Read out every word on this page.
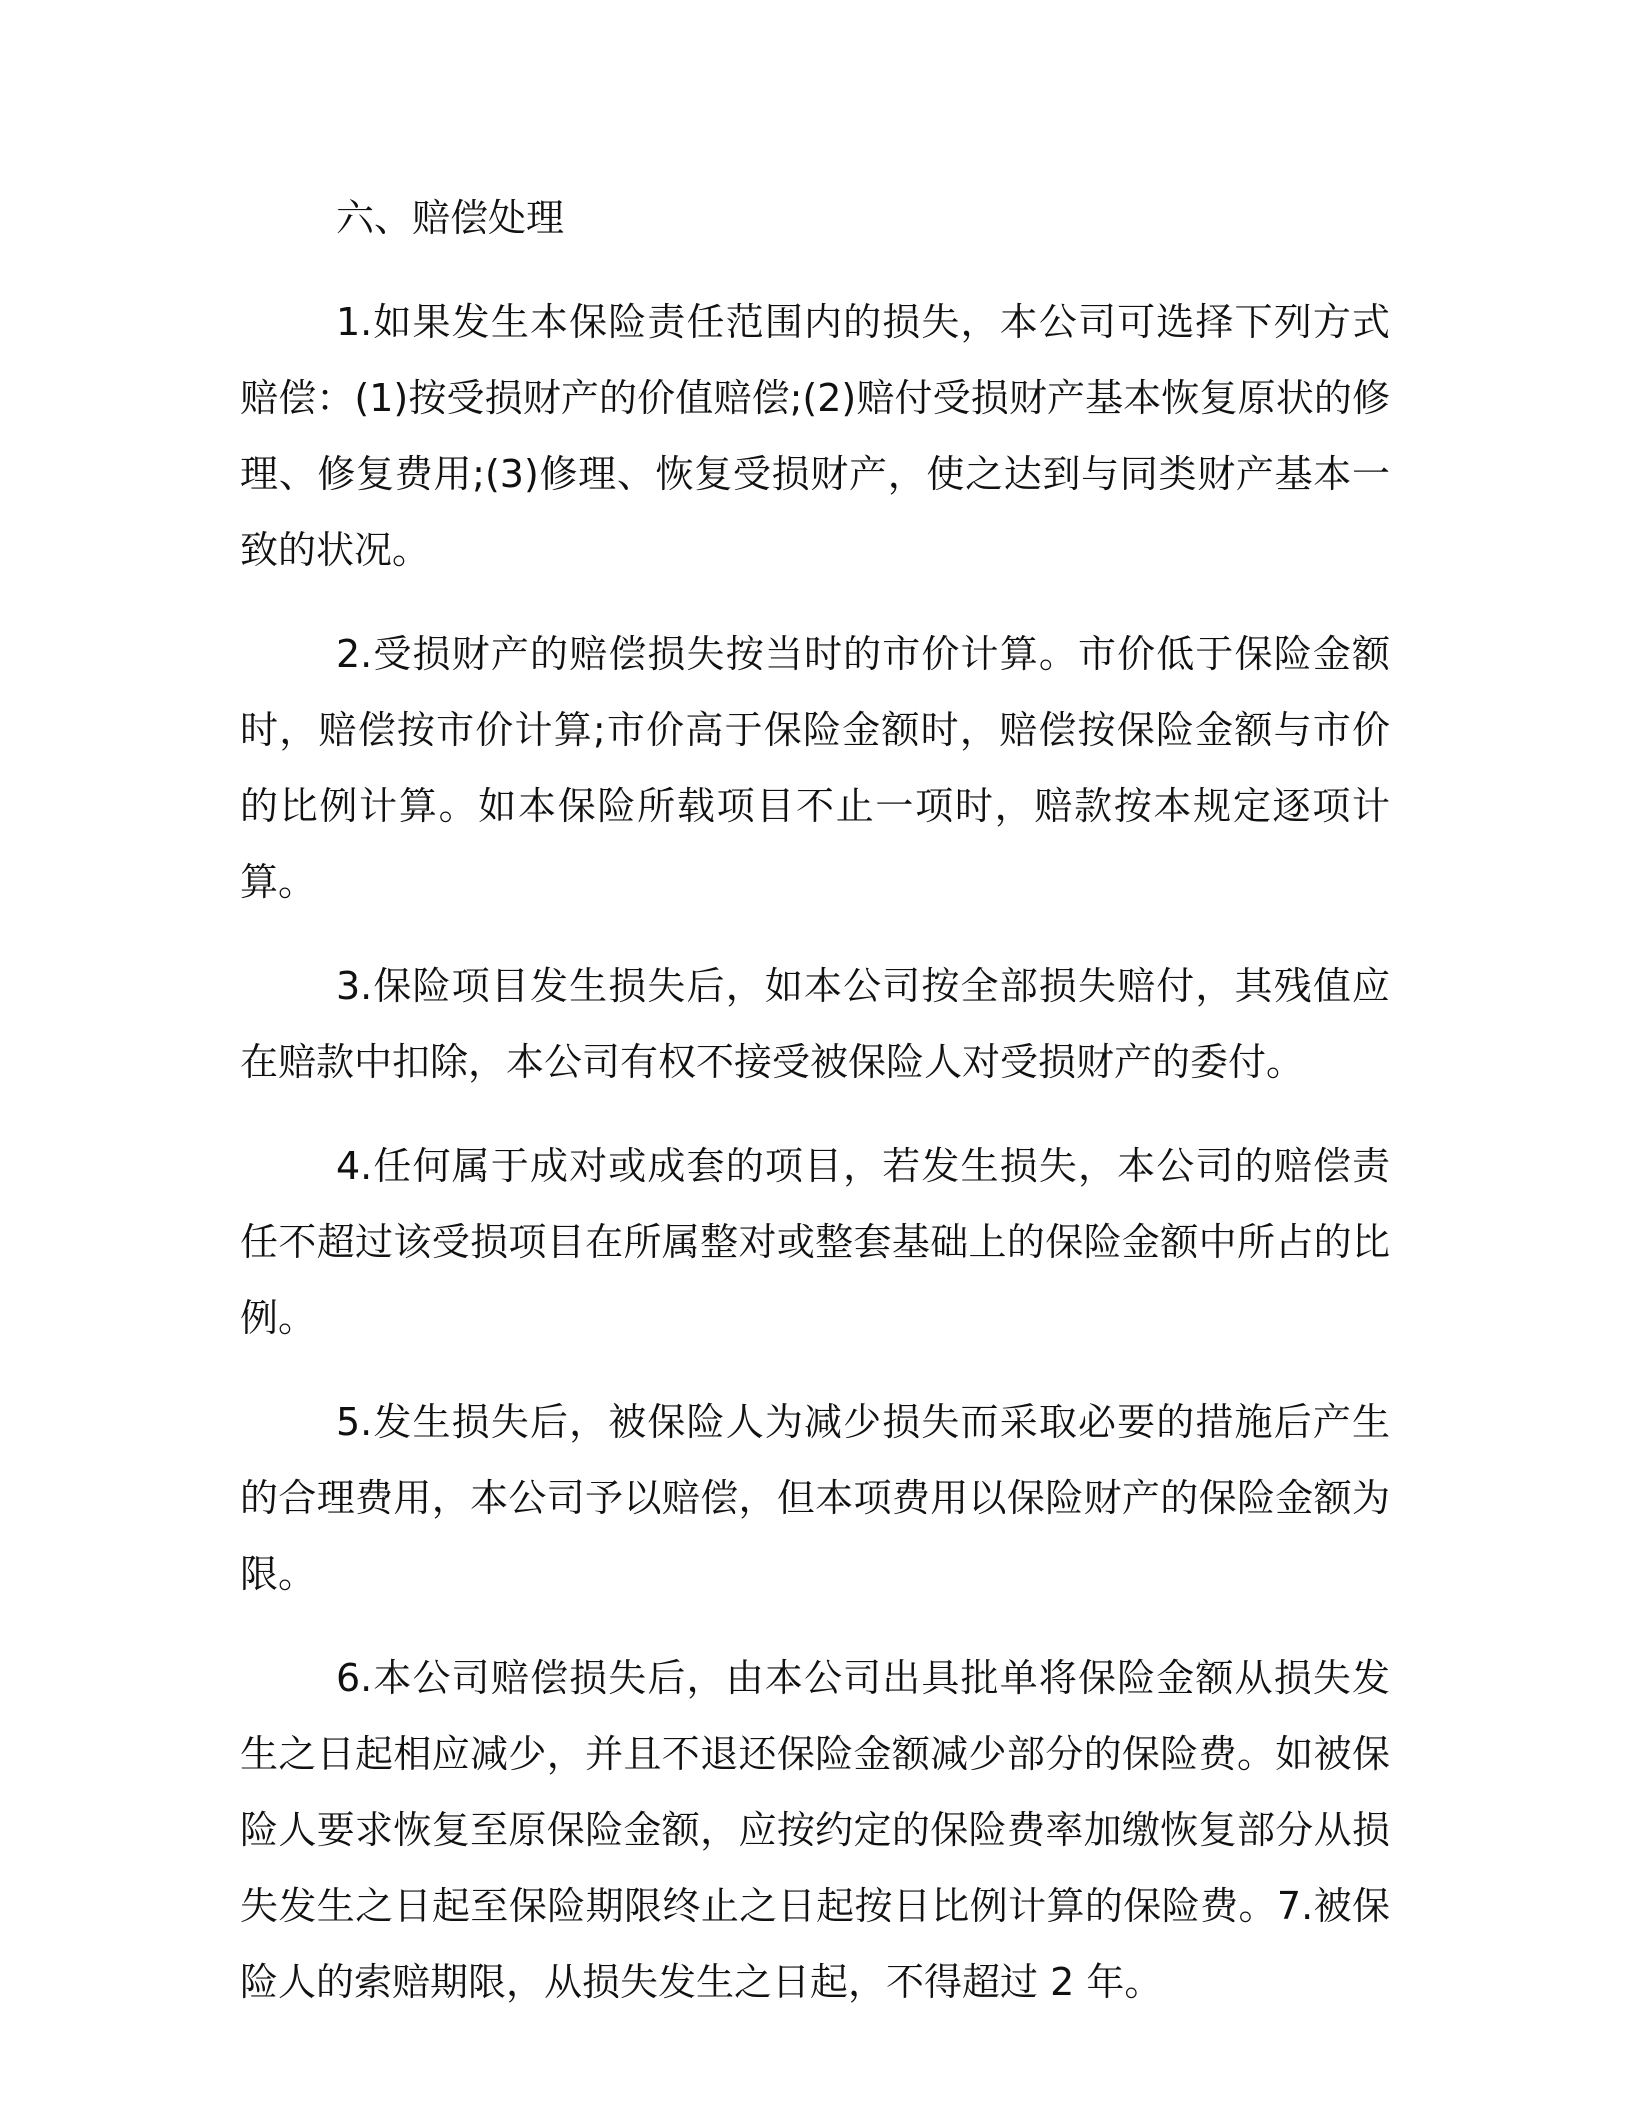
六、赔偿处理

1.如果发生本保险责任范围内的损失，本公司可选择下列方式赔偿：(1)按受损财产的价值赔偿;(2)赔付受损财产基本恢复原状的修理、修复费用;(3)修理、恢复受损财产，使之达到与同类财产基本一致的状况。

2.受损财产的赔偿损失按当时的市价计算。市价低于保险金额时，赔偿按市价计算;市价高于保险金额时，赔偿按保险金额与市价的比例计算。如本保险所载项目不止一项时，赔款按本规定逐项计算。

3.保险项目发生损失后，如本公司按全部损失赔付，其残值应在赔款中扣除，本公司有权不接受被保险人对受损财产的委付。

4.任何属于成对或成套的项目，若发生损失，本公司的赔偿责任不超过该受损项目在所属整对或整套基础上的保险金额中所占的比例。

5.发生损失后，被保险人为减少损失而采取必要的措施后产生的合理费用，本公司予以赔偿，但本项费用以保险财产的保险金额为限。

6.本公司赔偿损失后，由本公司出具批单将保险金额从损失发生之日起相应减少，并且不退还保险金额减少部分的保险费。如被保险人要求恢复至原保险金额，应按约定的保险费率加缴恢复部分从损失发生之日起至保险期限终止之日起按日比例计算的保险费。7.被保险人的索赔期限，从损失发生之日起，不得超过 2 年。
